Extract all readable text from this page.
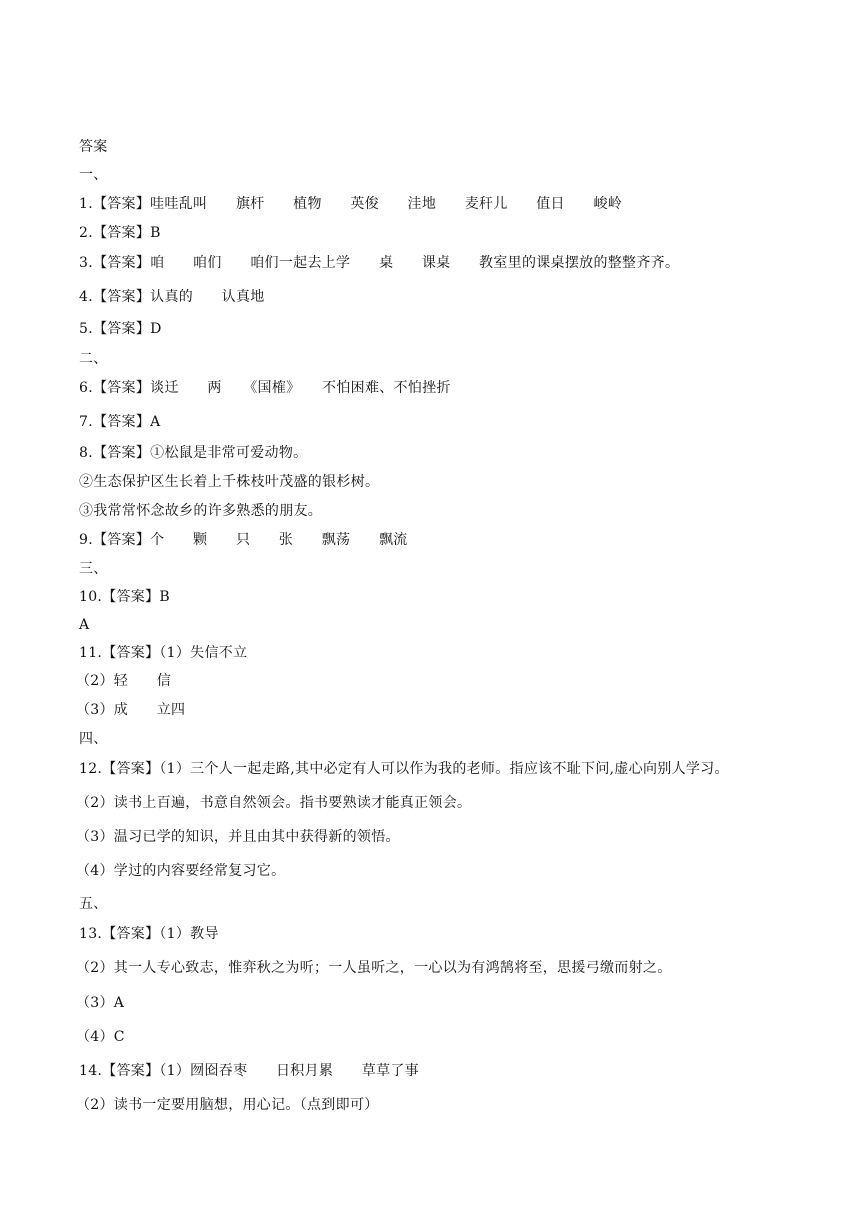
答案
一、
1.【答案】哇哇乱叫　　旗杆　　植物　　英俊　　洼地　　麦秆儿　　值日　　峻岭
2.【答案】B
3.【答案】咱　　咱们　　咱们一起去上学　　桌　　课桌　　教室里的课桌摆放的整整齐齐。
4.【答案】认真的　　认真地
5.【答案】D
二、
6.【答案】谈迁　　两　　《国榷》　　不怕困难、不怕挫折
7.【答案】A
8.【答案】①松鼠是非常可爱动物。
②生态保护区生长着上千株枝叶茂盛的银杉树。
③我常常怀念故乡的许多熟悉的朋友。
9.【答案】个　　颗　　只　　张　　飘荡　　飘流
三、
10.【答案】B
A
11.【答案】（1）失信不立
（2）轻　　信
（3）成　　立四
四、
12.【答案】（1）三个人一起走路,其中必定有人可以作为我的老师。指应该不耻下问,虚心向别人学习。
（2）读书上百遍，书意自然领会。指书要熟读才能真正领会。
（3）温习已学的知识，并且由其中获得新的领悟。
（4）学过的内容要经常复习它。
五、
13.【答案】（1）教导
（2）其一人专心致志，惟弈秋之为听；一人虽听之，一心以为有鸿鹄将至，思援弓缴而射之。
（3）A
（4）C
14.【答案】（1）囫囵吞枣　　日积月累　　草草了事
（2）读书一定要用脑想，用心记。（点到即可）
